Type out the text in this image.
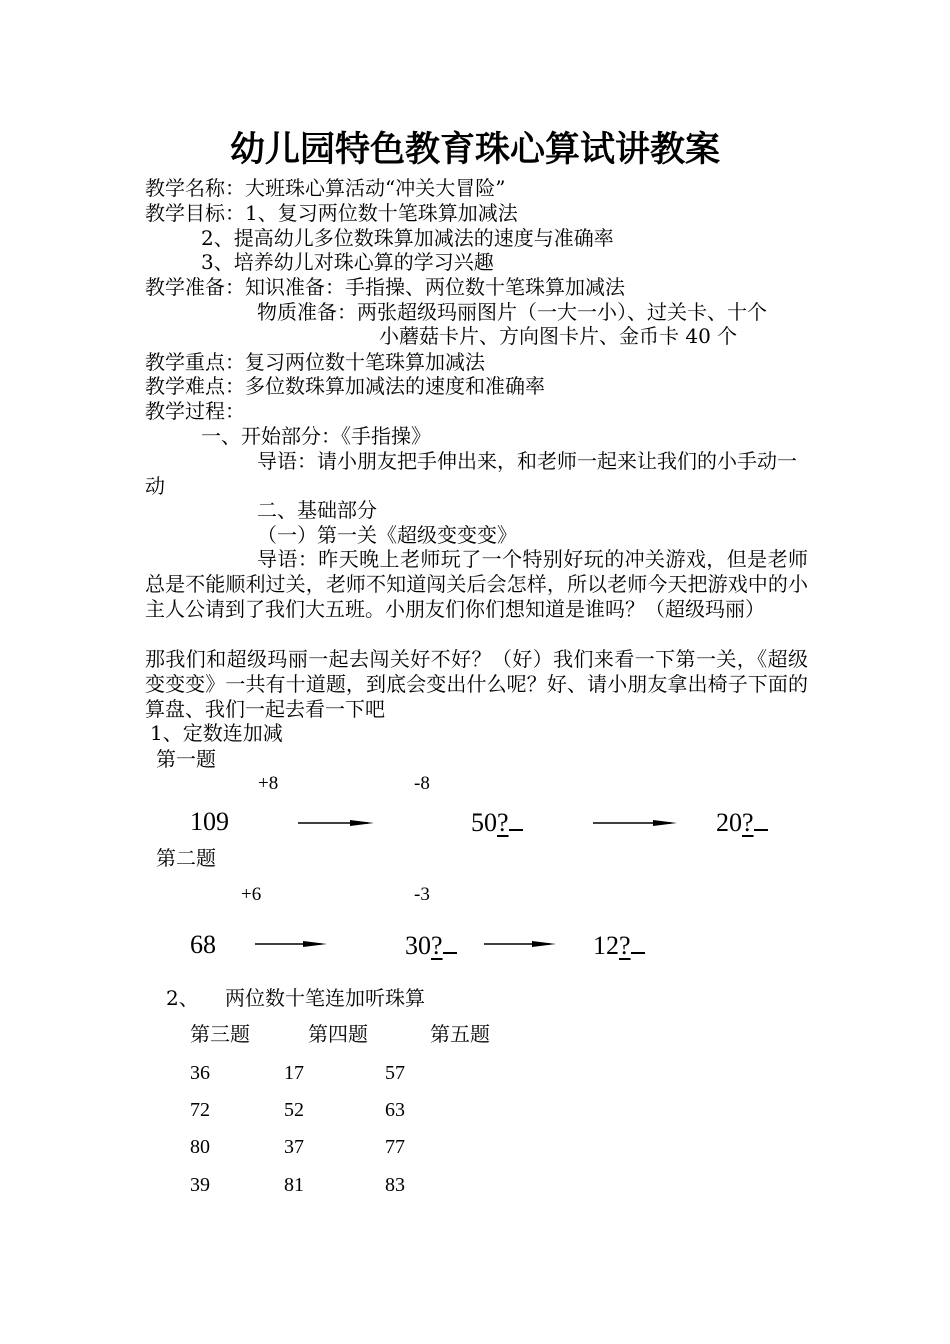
幼儿园特色教育珠心算试讲教案
教学名称：大班珠心算活动“冲关大冒险”
教学目标：1、复习两位数十笔珠算加减法
2、提高幼儿多位数珠算加减法的速度与准确率
3、培养幼儿对珠心算的学习兴趣
教学准备：知识准备：手指操、两位数十笔珠算加减法
物质准备：两张超级玛丽图片（一大一小）、过关卡、十个
小蘑菇卡片、方向图卡片、金币卡 40 个
教学重点：复习两位数十笔珠算加减法
教学难点：多位数珠算加减法的速度和准确率
教学过程：
一、开始部分：《手指操》
导语：请小朋友把手伸出来，和老师一起来让我们的小手动一动
二、基础部分
（一）第一关《超级变变变》
导语：昨天晚上老师玩了一个特别好玩的冲关游戏，但是老师总是不能顺利过关，老师不知道闯关后会怎样，所以老师今天把游戏中的小主人公请到了我们大五班。小朋友们你们想知道是谁吗？（超级玛丽）
那我们和超级玛丽一起去闯关好不好？（好）我们来看一下第一关，《超级变变变》一共有十道题，到底会变出什么呢？好、请小朋友拿出椅子下面的算盘、我们一起去看一下吧
1、定数连加减
第一题
+8	-8
109	50?	20?
第二题
+6	-3
68	30?	12?
2、 两位数十笔连加听珠算
第三题	第四题	第五题
36	17	57
72	52	63
80	37	77
39	81	83
